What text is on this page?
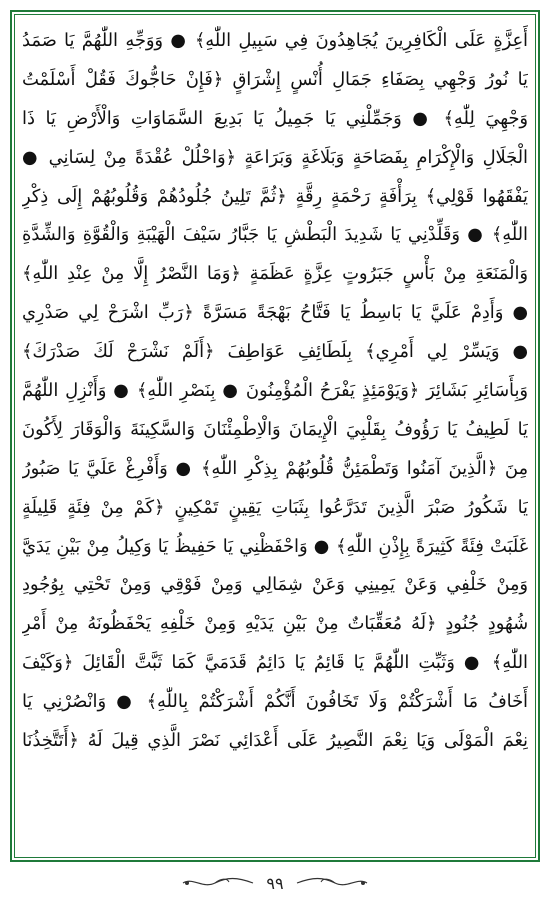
أَعِزَّةٍ عَلَى الْكَافِرِينَ يُجَاهِدُونَ فِي سَبِيلِ اللّٰهِ﴾ ● وَوَجِّهِ اللّٰهُمَّ يَا صَمَدُ
يَا نُورُ وَجْهِي بِصَفَاءِ جَمَالِ أُنْسٍ إِشْرَاقٍ ﴿فَإِنْ حَاجُّوكَ فَقُلْ أَسْلَمْتُ
وَجْهِيَ لِلّٰهِ﴾ ● وَجَمِّلْنِي يَا جَمِيلُ يَا بَدِيعَ السَّمَاوَاتِ وَالْأَرْضِ يَا ذَا
الْجَلَالِ وَالْإِكْرَامِ بِفَصَاحَةٍ وَبَلَاغَةٍ وَبَرَاعَةٍ ﴿وَاحْلُلْ عُقْدَةً مِنْ لِسَانِي ●
يَفْقَهُوا قَوْلِي﴾ بِرَأْفَةٍ رَحْمَةٍ رِقَّةٍ ﴿ثُمَّ تَلِينُ جُلُودُهُمْ وَقُلُوبُهُمْ إِلَى ذِكْرِ
اللّٰهِ﴾ ● وَقَلِّدْنِي يَا شَدِيدَ الْبَطْشِ يَا جَبَّارُ سَيْفَ الْهَيْبَةِ وَالْقُوَّةِ وَالشِّدَّةِ
وَالْمَنَعَةِ مِنْ بَأْسٍ جَبَرُوتٍ عِزَّةٍ عَظَمَةٍ ﴿وَمَا النَّصْرُ إِلَّا مِنْ عِنْدِ اللّٰهِ﴾
● وَأَدِمْ عَلَيَّ يَا بَاسِطُ يَا فَتَّاحُ بَهْجَةً مَسَرَّةً ﴿رَبِّ اشْرَحْ لِي صَدْرِي
● وَيَسِّرْ لِي أَمْرِي﴾ بِلَطَائِفِ عَوَاطِفَ ﴿أَلَمْ نَشْرَحْ لَكَ صَدْرَكَ﴾
وَبِأَسَائِرِ بَشَائِرَ ﴿وَيَوْمَئِذٍ يَفْرَحُ الْمُؤْمِنُونَ ● بِنَصْرِ اللّٰهِ﴾ ● وَأَنْزِلِ اللّٰهُمَّ
يَا لَطِيفُ يَا رَؤُوفُ بِقَلْبِيَ الْإِيمَانَ وَالْاِطْمِئْنَانَ وَالسَّكِينَةَ وَالْوَقَارَ لِأَكُونَ
مِنَ ﴿الَّذِينَ آمَنُوا وَتَطْمَئِنُّ قُلُوبُهُمْ بِذِكْرِ اللّٰهِ﴾ ● وَأَفْرِغْ عَلَيَّ يَا صَبُورُ
يَا شَكُورُ صَبْرَ الَّذِينَ تَدَرَّعُوا بِثَبَاتِ يَقِينٍ تَمْكِينٍ ﴿كَمْ مِنْ فِئَةٍ قَلِيلَةٍ
غَلَبَتْ فِئَةً كَثِيرَةً بِإِذْنِ اللّٰهِ﴾ ● وَاحْفَظْنِي يَا حَفِيظُ يَا وَكِيلُ مِنْ بَيْنِ يَدَيَّ
وَمِنْ خَلْفِي وَعَنْ يَمِينِي وَعَنْ شِمَالِي وَمِنْ فَوْقِي وَمِنْ تَحْتِي بِوُجُودِ
شُهُودٍ جُنُودٍ ﴿لَهُ مُعَقِّبَاتٌ مِنْ بَيْنِ يَدَيْهِ وَمِنْ خَلْفِهِ يَحْفَظُونَهُ مِنْ أَمْرِ
اللّٰهِ﴾ ● وَثَبِّتِ اللّٰهُمَّ يَا قَائِمُ يَا دَائِمُ قَدَمَيَّ كَمَا ثَبَّتَّ الْقَائِلَ ﴿وَكَيْفَ
أَخَافُ مَا أَشْرَكْتُمْ وَلَا تَخَافُونَ أَنَّكُمْ أَشْرَكْتُمْ بِاللّٰهِ﴾ ● وَانْصُرْنِي يَا
نِعْمَ الْمَوْلَى وَيَا نِعْمَ النَّصِيرُ عَلَى أَعْدَائِي نَصْرَ الَّذِي قِيلَ لَهُ ﴿أَتَتَّخِذُنَا
٩٩
